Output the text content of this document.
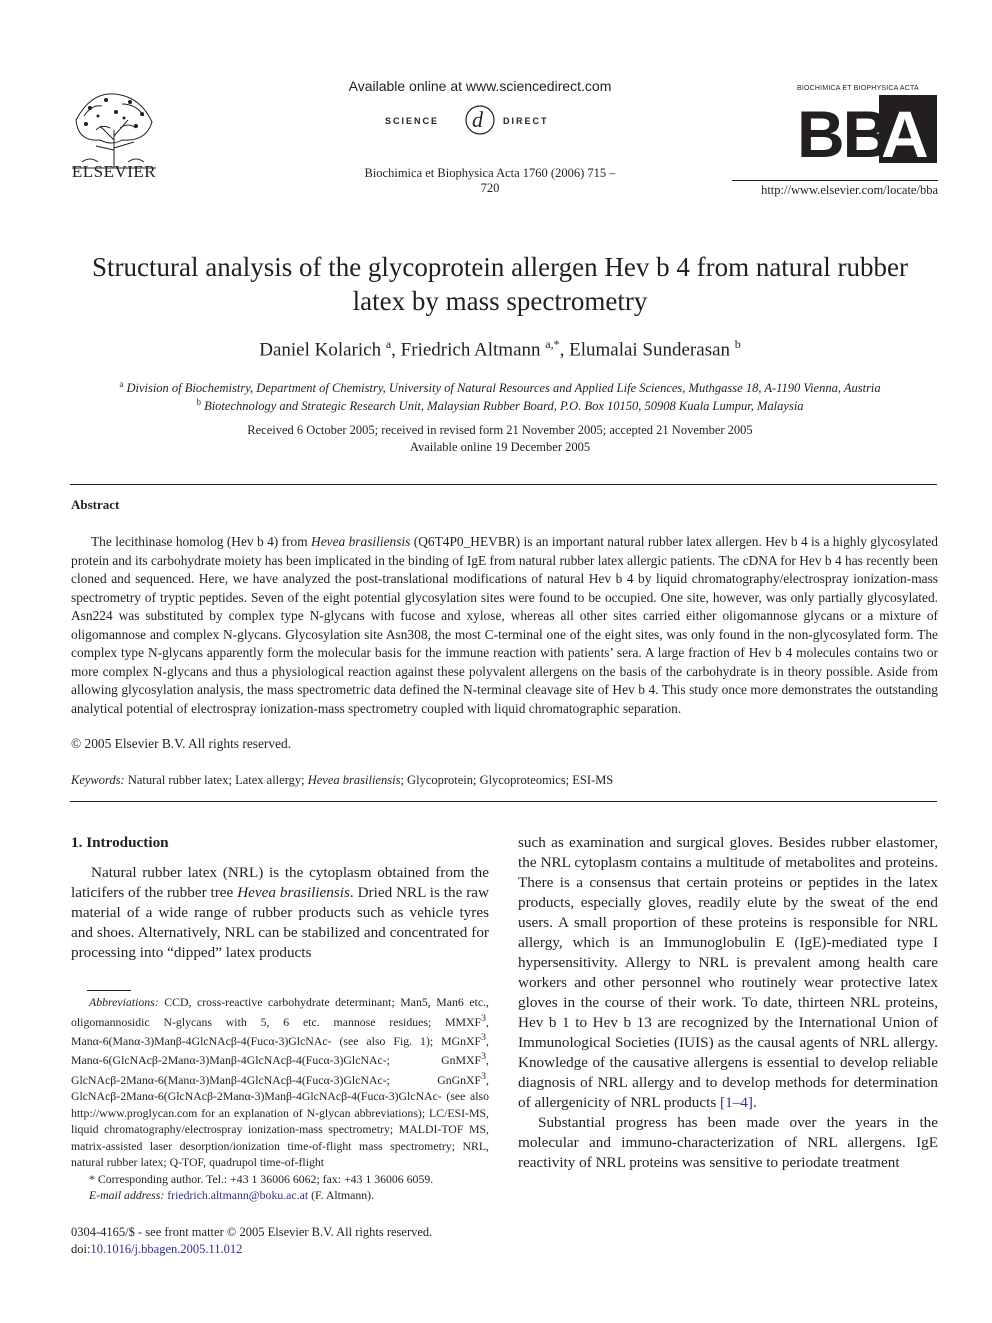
ELSEVIER
Available online at www.sciencedirect.com
SCIENCE d DIRECT
Biochimica et Biophysica Acta 1760 (2006) 715 – 720
BIOCHIMICA ET BIOPHYSICA ACTA
BB
A
http://www.elsevier.com/locate/bba
Structural analysis of the glycoprotein allergen Hev b 4 from natural rubber
latex by mass spectrometry
Daniel Kolarich $^a$, Friedrich Altmann $^{a,*}$, Elumalai Sunderasan $^b$
$^a$ Division of Biochemistry, Department of Chemistry, University of Natural Resources and Applied Life Sciences, Muthgasse 18, A-1190 Vienna, Austria
$^b$ Biotechnology and Strategic Research Unit, Malaysian Rubber Board, P.O. Box 10150, 50908 Kuala Lumpur, Malaysia
Received 6 October 2005; received in revised form 21 November 2005; accepted 21 November 2005
Available online 19 December 2005
Abstract
The lecithinase homolog (Hev b 4) from Hevea brasiliensis (Q6T4P0_HEVBR) is an important natural rubber latex allergen. Hev b 4 is a highly glycosylated protein and its carbohydrate moiety has been implicated in the binding of IgE from natural rubber latex allergic patients. The cDNA for Hev b 4 has recently been cloned and sequenced. Here, we have analyzed the post-translational modifications of natural Hev b 4 by liquid chromatography/electrospray ionization-mass spectrometry of tryptic peptides. Seven of the eight potential glycosylation sites were found to be occupied. One site, however, was only partially glycosylated. Asn224 was substituted by complex type N-glycans with fucose and xylose, whereas all other sites carried either oligomannose glycans or a mixture of oligomannose and complex N-glycans. Glycosylation site Asn308, the most C-terminal one of the eight sites, was only found in the non-glycosylated form. The complex type N-glycans apparently form the molecular basis for the immune reaction with patients’ sera. A large fraction of Hev b 4 molecules contains two or more complex N-glycans and thus a physiological reaction against these polyvalent allergens on the basis of the carbohydrate is in theory possible. Aside from allowing glycosylation analysis, the mass spectrometric data defined the N-terminal cleavage site of Hev b 4. This study once more demonstrates the outstanding analytical potential of electrospray ionization-mass spectrometry coupled with liquid chromatographic separation.
© 2005 Elsevier B.V. All rights reserved.
Keywords: Natural rubber latex; Latex allergy; Hevea brasiliensis; Glycoprotein; Glycoproteomics; ESI-MS
1. Introduction

Natural rubber latex (NRL) is the cytoplasm obtained from the laticifers of the rubber tree Hevea brasiliensis. Dried NRL is the raw material of a wide range of rubber products such as vehicle tyres and shoes. Alternatively, NRL can be stabilized and concentrated for processing into “dipped” latex products

Abbreviations: CCD, cross-reactive carbohydrate determinant; Man5, Man6 etc., oligomannosidic N-glycans with 5, 6 etc. mannose residues; MMXF$^3$, Manα-6(Manα-3)Manβ-4GlcNAcβ-4(Fucα-3)GlcNAc- (see also Fig. 1); MGnXF$^3$, Manα-6(GlcNAcβ-2Manα-3)Manβ-4GlcNAcβ-4(Fucα-3)GlcNAc-; GnMXF$^3$, GlcNAcβ-2Manα-6(Manα-3)Manβ-4GlcNAcβ-4(Fucα-3)GlcNAc-; GnGnXF$^3$, GlcNAcβ-2Manα-6(GlcNAcβ-2Manα-3)Manβ-4GlcNAcβ-4(Fucα-3)GlcNAc- (see also http://www.proglycan.com for an explanation of N-glycan abbreviations); LC/ESI-MS, liquid chromatography/electrospray ionization-mass spectrometry; MALDI-TOF MS, matrix-assisted laser desorption/ionization time-of-flight mass spectrometry; NRL, natural rubber latex; Q-TOF, quadrupol time-of-flight

* Corresponding author. Tel.: +43 1 36006 6062; fax: +43 1 36006 6059.

E-mail address: friedrich.altmann@boku.ac.at (F. Altmann).

0304-4165/$ - see front matter © 2005 Elsevier B.V. All rights reserved.
doi:10.1016/j.bbagen.2005.11.012

such as examination and surgical gloves. Besides rubber elastomer, the NRL cytoplasm contains a multitude of metabolites and proteins. There is a consensus that certain proteins or peptides in the latex products, especially gloves, readily elute by the sweat of the end users. A small proportion of these proteins is responsible for NRL allergy, which is an Immunoglobulin E (IgE)-mediated type I hypersensitivity. Allergy to NRL is prevalent among health care workers and other personnel who routinely wear protective latex gloves in the course of their work. To date, thirteen NRL proteins, Hev b 1 to Hev b 13 are recognized by the International Union of Immunological Societies (IUIS) as the causal agents of NRL allergy. Knowledge of the causative allergens is essential to develop reliable diagnosis of NRL allergy and to develop methods for determination of allergenicity of NRL products [1–4].

Substantial progress has been made over the years in the molecular and immuno-characterization of NRL allergens. IgE reactivity of NRL proteins was sensitive to periodate treatment
